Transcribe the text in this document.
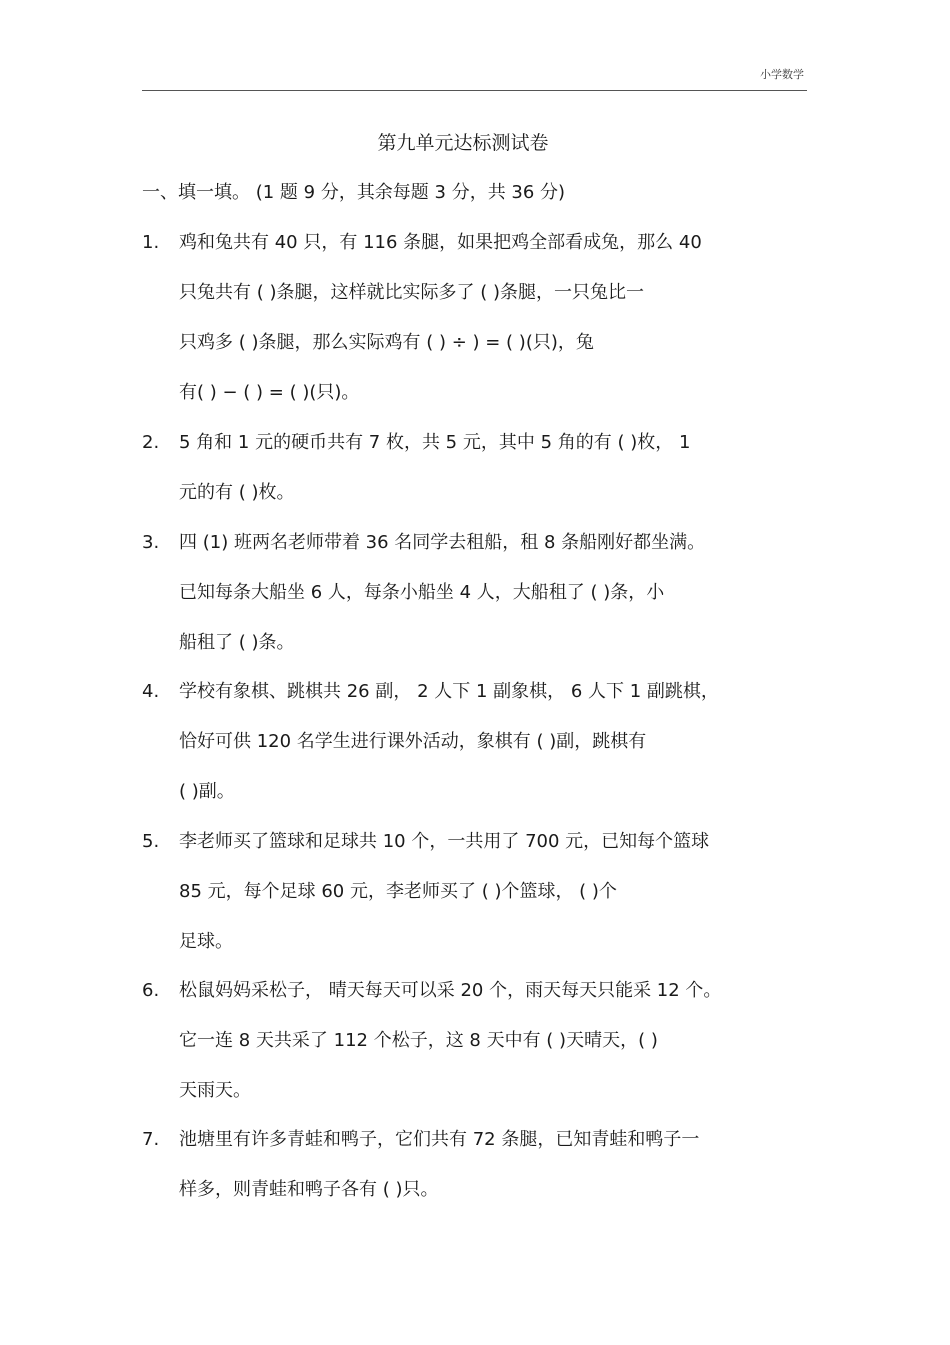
小学数学
第九单元达标测试卷
一、填一填。 (1 题 9 分，其余每题 3 分，共 36 分)
1.	鸡和兔共有 40 只，有 116 条腿，如果把鸡全部看成兔，那么 40
只兔共有 ( )条腿，这样就比实际多了 ( )条腿，一只兔比一
只鸡多 ( )条腿，那么实际鸡有 ( ) ÷ ) = ( )(只)，兔
有( ) − ( ) = ( )(只)。
2.	5 角和 1 元的硬币共有 7 枚，共 5 元，其中 5 角的有 ( )枚， 1
元的有 ( )枚。
3.	四 (1) 班两名老师带着 36 名同学去租船，租 8 条船刚好都坐满。
已知每条大船坐 6 人，每条小船坐 4 人，大船租了 ( )条，小
船租了 ( )条。
4.	学校有象棋、跳棋共 26 副， 2 人下 1 副象棋， 6 人下 1 副跳棋，
恰好可供 120 名学生进行课外活动，象棋有 ( )副，跳棋有
( )副。
5.	李老师买了篮球和足球共 10 个，一共用了 700 元，已知每个篮球
85 元，每个足球 60 元，李老师买了 ( )个篮球， ( )个
足球。
6.	松鼠妈妈采松子， 晴天每天可以采 20 个，雨天每天只能采 12 个。
它一连 8 天共采了 112 个松子，这 8 天中有 ( )天晴天，( )
天雨天。
7.	池塘里有许多青蛙和鸭子，它们共有 72 条腿，已知青蛙和鸭子一
样多，则青蛙和鸭子各有 ( )只。
